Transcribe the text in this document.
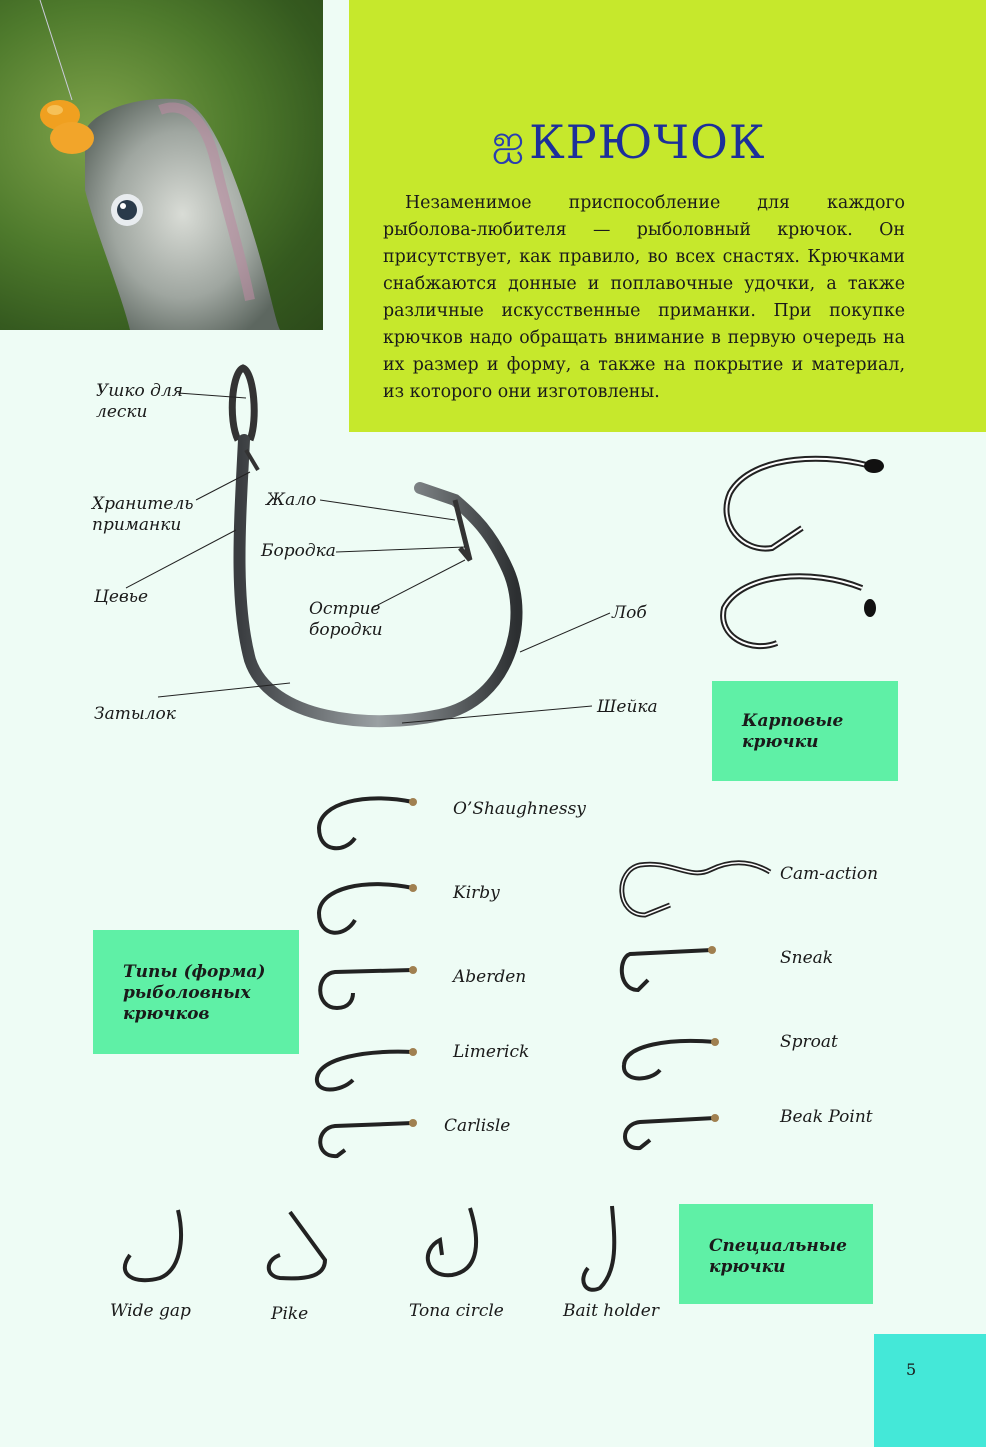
ஐ КРЮЧОК

Незаменимое приспособление для каждого рыболова-любителя — рыболовный крючок. Он присутствует, как правило, во всех снастях. Крючками снабжаются донные и поплавочные удочки, а также различные искусственные приманки. При покупке крючков надо обращать внимание в первую очередь на их размер и форму, а также на покрытие и материал, из которого они изготовлены.

Ушко для
лески
Хранитель
приманки
Цевье
Жало
Бородка
Острие
бородки
Лоб
Затылок	Шейка
Карповые
крючки
Типы (форма)
рыболовных
крючков
O’Shaughnessy
Kirby
Aberden
Limerick
Carlisle
Cam-action
Sneak
Sproat
Beak Point
Wide gap	Pike	Tona circle	Bait holder
Специальные
крючки
5
